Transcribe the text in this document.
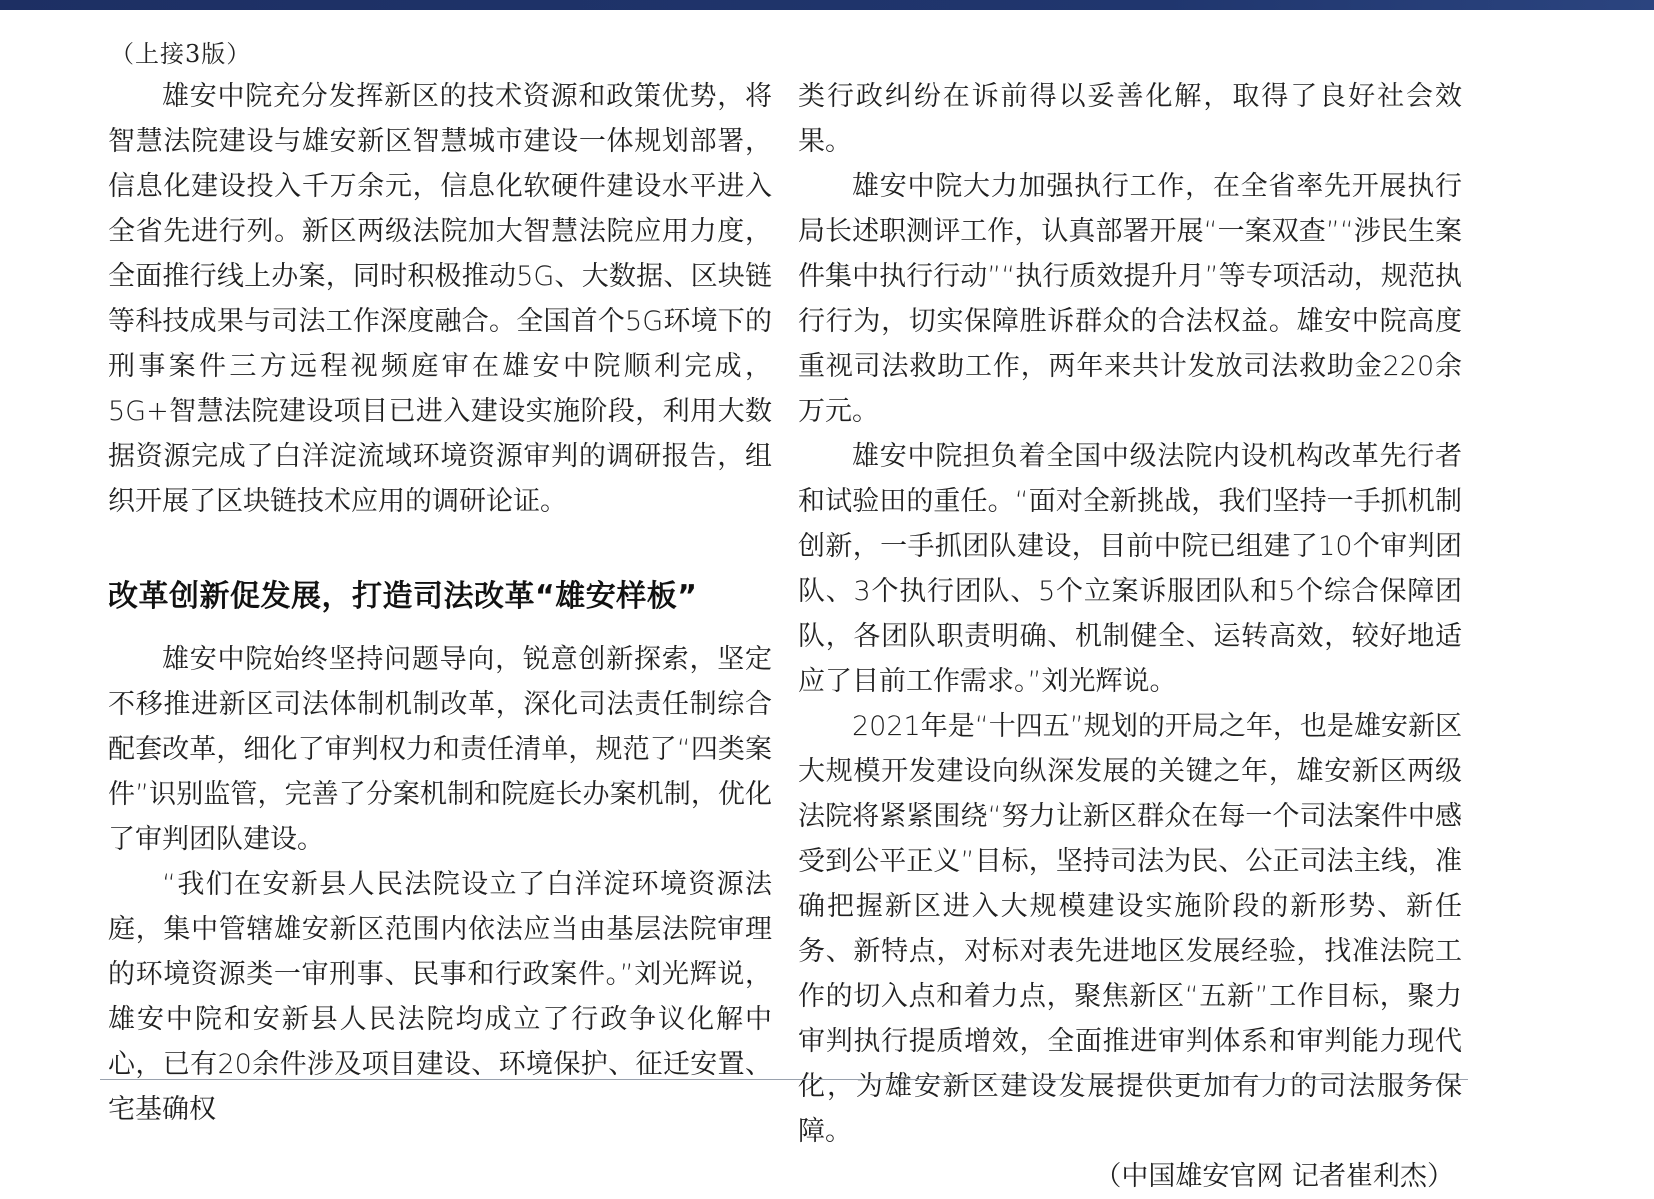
（上接3版）

雄安中院充分发挥新区的技术资源和政策优势，将智慧法院建设与雄安新区智慧城市建设一体规划部署，信息化建设投入千万余元，信息化软硬件建设水平进入全省先进行列。新区两级法院加大智慧法院应用力度，全面推行线上办案，同时积极推动5G、大数据、区块链等科技成果与司法工作深度融合。全国首个5G环境下的刑事案件三方远程视频庭审在雄安中院顺利完成，5G+智慧法院建设项目已进入建设实施阶段，利用大数据资源完成了白洋淀流域环境资源审判的调研报告，组织开展了区块链技术应用的调研论证。

改革创新促发展，打造司法改革“雄安样板”

雄安中院始终坚持问题导向，锐意创新探索，坚定不移推进新区司法体制机制改革，深化司法责任制综合配套改革，细化了审判权力和责任清单，规范了“四类案件”识别监管，完善了分案机制和院庭长办案机制，优化了审判团队建设。

“我们在安新县人民法院设立了白洋淀环境资源法庭，集中管辖雄安新区范围内依法应当由基层法院审理的环境资源类一审刑事、民事和行政案件。”刘光辉说，雄安中院和安新县人民法院均成立了行政争议化解中心，已有20余件涉及项目建设、环境保护、征迁安置、宅基确权

类行政纠纷在诉前得以妥善化解，取得了良好社会效果。

雄安中院大力加强执行工作，在全省率先开展执行局长述职测评工作，认真部署开展“一案双查”“涉民生案件集中执行行动”“执行质效提升月”等专项活动，规范执行行为，切实保障胜诉群众的合法权益。雄安中院高度重视司法救助工作，两年来共计发放司法救助金220余万元。

雄安中院担负着全国中级法院内设机构改革先行者和试验田的重任。“面对全新挑战，我们坚持一手抓机制创新，一手抓团队建设，目前中院已组建了10个审判团队、3个执行团队、5个立案诉服团队和5个综合保障团队，各团队职责明确、机制健全、运转高效，较好地适应了目前工作需求。”刘光辉说。

2021年是“十四五”规划的开局之年，也是雄安新区大规模开发建设向纵深发展的关键之年，雄安新区两级法院将紧紧围绕“努力让新区群众在每一个司法案件中感受到公平正义”目标，坚持司法为民、公正司法主线，准确把握新区进入大规模建设实施阶段的新形势、新任务、新特点，对标对表先进地区发展经验，找准法院工作的切入点和着力点，聚焦新区“五新”工作目标，聚力审判执行提质增效，全面推进审判体系和审判能力现代化，为雄安新区建设发展提供更加有力的司法服务保障。

（中国雄安官网 记者崔利杰）
